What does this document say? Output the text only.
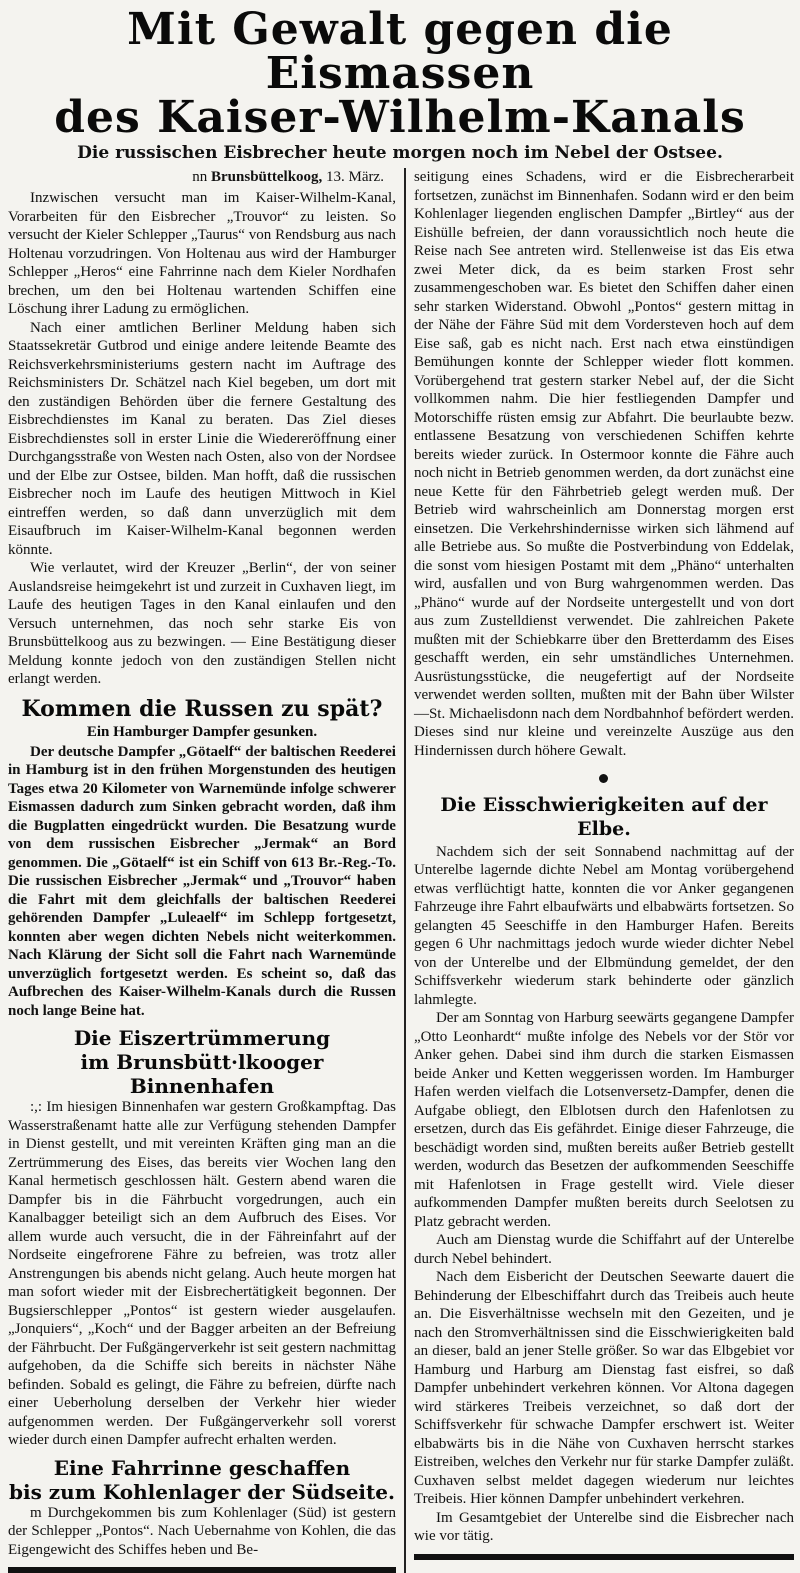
Mit Gewalt gegen die Eismassen
des Kaiser-Wilhelm-Kanals
Die russischen Eisbrecher heute morgen noch im Nebel der Ostsee.
nn Brunsbüttelkoog, 13. März.

Inzwischen versucht man im Kaiser-Wilhelm-Kanal, Vorarbeiten für den Eisbrecher „Trouvor“ zu leisten. So versucht der Kieler Schlepper „Taurus“ von Rendsburg aus nach Holtenau vorzudringen. Von Holtenau aus wird der Hamburger Schlepper „Heros“ eine Fahrrinne nach dem Kieler Nordhafen brechen, um den bei Holtenau wartenden Schiffen eine Löschung ihrer Ladung zu ermöglichen.

Nach einer amtlichen Berliner Meldung haben sich Staatssekretär Gutbrod und einige andere leitende Beamte des Reichsverkehrsministeriums gestern nacht im Auftrage des Reichsministers Dr. Schätzel nach Kiel begeben, um dort mit den zuständigen Behörden über die fernere Gestaltung des Eisbrechdienstes im Kanal zu beraten. Das Ziel dieses Eisbrechdienstes soll in erster Linie die Wiedereröffnung einer Durchgangsstraße von Westen nach Osten, also von der Nordsee und der Elbe zur Ostsee, bilden. Man hofft, daß die russischen Eisbrecher noch im Laufe des heutigen Mittwoch in Kiel eintreffen werden, so daß dann unverzüglich mit dem Eisaufbruch im Kaiser-Wilhelm-Kanal begonnen werden könnte.

Wie verlautet, wird der Kreuzer „Berlin“, der von seiner Auslandsreise heimgekehrt ist und zurzeit in Cuxhaven liegt, im Laufe des heutigen Tages in den Kanal einlaufen und den Versuch unternehmen, das noch sehr starke Eis von Brunsbüttelkoog aus zu bezwingen. — Eine Bestätigung dieser Meldung konnte jedoch von den zuständigen Stellen nicht erlangt werden.

Kommen die Russen zu spät?
Ein Hamburger Dampfer gesunken.

Der deutsche Dampfer „Götaelf“ der baltischen Reederei in Hamburg ist in den frühen Morgenstunden des heutigen Tages etwa 20 Kilometer von Warnemünde infolge schwerer Eismassen dadurch zum Sinken gebracht worden, daß ihm die Bugplatten eingedrückt wurden. Die Besatzung wurde von dem russischen Eisbrecher „Jermak“ an Bord genommen. Die „Götaelf“ ist ein Schiff von 613 Br.-Reg.-To. Die russischen Eisbrecher „Jermak“ und „Trouvor“ haben die Fahrt mit dem gleichfalls der baltischen Reederei gehörenden Dampfer „Luleaelf“ im Schlepp fortgesetzt, konnten aber wegen dichten Nebels nicht weiterkommen. Nach Klärung der Sicht soll die Fahrt nach Warnemünde unverzüglich fortgesetzt werden. Es scheint so, daß das Aufbrechen des Kaiser-Wilhelm-Kanals durch die Russen noch lange Beine hat.

Die Eiszertrümmerung
im Brunsbütt·lkooger Binnenhafen

:,: Im hiesigen Binnenhafen war gestern Großkampftag. Das Wasserstraßenamt hatte alle zur Verfügung stehenden Dampfer in Dienst gestellt, und mit vereinten Kräften ging man an die Zertrümmerung des Eises, das bereits vier Wochen lang den Kanal hermetisch geschlossen hält. Gestern abend waren die Dampfer bis in die Fährbucht vorgedrungen, auch ein Kanalbagger beteiligt sich an dem Aufbruch des Eises. Vor allem wurde auch versucht, die in der Fähreinfahrt auf der Nordseite eingefrorene Fähre zu befreien, was trotz aller Anstrengungen bis abends nicht gelang. Auch heute morgen hat man sofort wieder mit der Eisbrechertätigkeit begonnen. Der Bugsierschlepper „Pontos“ ist gestern wieder ausgelaufen. „Jonquiers“, „Koch“ und der Bagger arbeiten an der Befreiung der Fährbucht. Der Fußgängerverkehr ist seit gestern nachmittag aufgehoben, da die Schiffe sich bereits in nächster Nähe befinden. Sobald es gelingt, die Fähre zu befreien, dürfte nach einer Ueberholung derselben der Verkehr hier wieder aufgenommen werden. Der Fußgängerverkehr soll vorerst wieder durch einen Dampfer aufrecht erhalten werden.

Eine Fahrrinne geschaffen
bis zum Kohlenlager der Südseite.

m Durchgekommen bis zum Kohlenlager (Süd) ist gestern der Schlepper „Pontos“. Nach Uebernahme von Kohlen, die das Eigengewicht des Schiffes heben und Be-

seitigung eines Schadens, wird er die Eisbrecherarbeit fortsetzen, zunächst im Binnenhafen. Sodann wird er den beim Kohlenlager liegenden englischen Dampfer „Birtley“ aus der Eishülle befreien, der dann voraussichtlich noch heute die Reise nach See antreten wird. Stellenweise ist das Eis etwa zwei Meter dick, da es beim starken Frost sehr zusammengeschoben war. Es bietet den Schiffen daher einen sehr starken Widerstand. Obwohl „Pontos“ gestern mittag in der Nähe der Fähre Süd mit dem Vordersteven hoch auf dem Eise saß, gab es nicht nach. Erst nach etwa einstündigen Bemühungen konnte der Schlepper wieder flott kommen. Vorübergehend trat gestern starker Nebel auf, der die Sicht vollkommen nahm. Die hier festliegenden Dampfer und Motorschiffe rüsten emsig zur Abfahrt. Die beurlaubte bezw. entlassene Besatzung von verschiedenen Schiffen kehrte bereits wieder zurück. In Ostermoor konnte die Fähre auch noch nicht in Betrieb genommen werden, da dort zunächst eine neue Kette für den Fährbetrieb gelegt werden muß. Der Betrieb wird wahrscheinlich am Donnerstag morgen erst einsetzen. Die Verkehrshindernisse wirken sich lähmend auf alle Betriebe aus. So mußte die Postverbindung von Eddelak, die sonst vom hiesigen Postamt mit dem „Phäno“ unterhalten wird, ausfallen und von Burg wahrgenommen werden. Das „Phäno“ wurde auf der Nordseite untergestellt und von dort aus zum Zustelldienst verwendet. Die zahlreichen Pakete mußten mit der Schiebkarre über den Bretterdamm des Eises geschafft werden, ein sehr umständliches Unternehmen. Ausrüstungsstücke, die neugefertigt auf der Nordseite verwendet werden sollten, mußten mit der Bahn über Wilster—St. Michaelisdonn nach dem Nordbahnhof befördert werden. Dieses sind nur kleine und vereinzelte Auszüge aus den Hindernissen durch höhere Gewalt.

Die Eisschwierigkeiten auf der Elbe.

Nachdem sich der seit Sonnabend nachmittag auf der Unterelbe lagernde dichte Nebel am Montag vorübergehend etwas verflüchtigt hatte, konnten die vor Anker gegangenen Fahrzeuge ihre Fahrt elbaufwärts und elbabwärts fortsetzen. So gelangten 45 Seeschiffe in den Hamburger Hafen. Bereits gegen 6 Uhr nachmittags jedoch wurde wieder dichter Nebel von der Unterelbe und der Elbmündung gemeldet, der den Schiffsverkehr wiederum stark behinderte oder gänzlich lahmlegte.

Der am Sonntag von Harburg seewärts gegangene Dampfer „Otto Leonhardt“ mußte infolge des Nebels vor der Stör vor Anker gehen. Dabei sind ihm durch die starken Eismassen beide Anker und Ketten weggerissen worden. Im Hamburger Hafen werden vielfach die Lotsenversetz-Dampfer, denen die Aufgabe obliegt, den Elblotsen durch den Hafenlotsen zu ersetzen, durch das Eis gefährdet. Einige dieser Fahrzeuge, die beschädigt worden sind, mußten bereits außer Betrieb gestellt werden, wodurch das Besetzen der aufkommenden Seeschiffe mit Hafenlotsen in Frage gestellt wird. Viele dieser aufkommenden Dampfer mußten bereits durch Seelotsen zu Platz gebracht werden.

Auch am Dienstag wurde die Schiffahrt auf der Unterelbe durch Nebel behindert.

Nach dem Eisbericht der Deutschen Seewarte dauert die Behinderung der Elbeschiffahrt durch das Treibeis auch heute an. Die Eisverhältnisse wechseln mit den Gezeiten, und je nach den Stromverhältnissen sind die Eisschwierigkeiten bald an dieser, bald an jener Stelle größer. So war das Elbgebiet vor Hamburg und Harburg am Dienstag fast eisfrei, so daß Dampfer unbehindert verkehren können. Vor Altona dagegen wird stärkeres Treibeis verzeichnet, so daß dort der Schiffsverkehr für schwache Dampfer erschwert ist. Weiter elbabwärts bis in die Nähe von Cuxhaven herrscht starkes Eistreiben, welches den Verkehr nur für starke Dampfer zuläßt. Cuxhaven selbst meldet dagegen wiederum nur leichtes Treibeis. Hier können Dampfer unbehindert verkehren.

Im Gesamtgebiet der Unterelbe sind die Eisbrecher nach wie vor tätig.
